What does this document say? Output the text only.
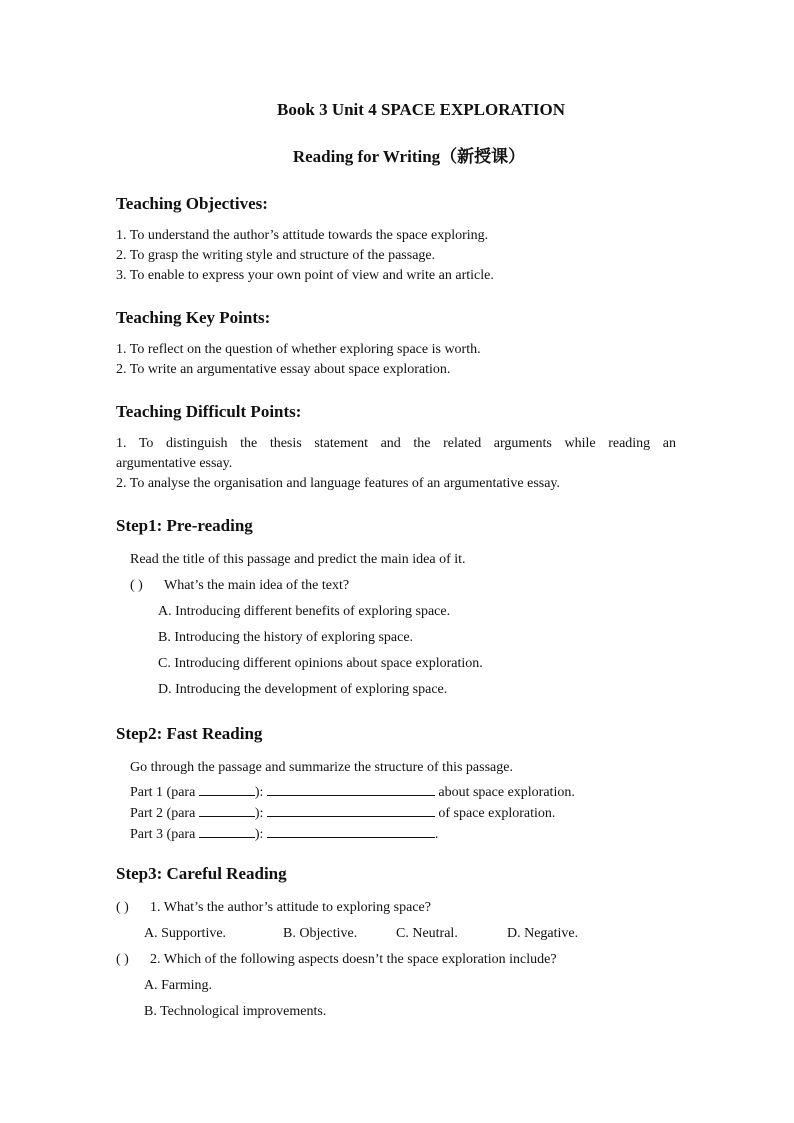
Book 3 Unit 4 SPACE EXPLORATION
Reading for Writing（新授课）
Teaching Objectives:
1. To understand the author’s attitude towards the space exploring.
2. To grasp the writing style and structure of the passage.
3. To enable to express your own point of view and write an article.
Teaching Key Points:
1. To reflect on the question of whether exploring space is worth.
2. To write an argumentative essay about space exploration.
Teaching Difficult Points:
1. To distinguish the thesis statement and the related arguments while reading an
argumentative essay.
2. To analyse the organisation and language features of an argumentative essay.
Step1: Pre-reading
Read the title of this passage and predict the main idea of it.
( ) What’s the main idea of the text?
A. Introducing different benefits of exploring space.
B. Introducing the history of exploring space.
C. Introducing different opinions about space exploration.
D. Introducing the development of exploring space.
Step2: Fast Reading
Go through the passage and summarize the structure of this passage.
Part 1 (para	):	about space exploration.
Part 2 (para	):	of space exploration.
Part 3 (para	):	.
Step3: Careful Reading
( ) 1. What’s the author’s attitude to exploring space?
A. Supportive.	B. Objective.	C. Neutral.	D. Negative.
( ) 2. Which of the following aspects doesn’t the space exploration include?
A. Farming.
B. Technological improvements.
